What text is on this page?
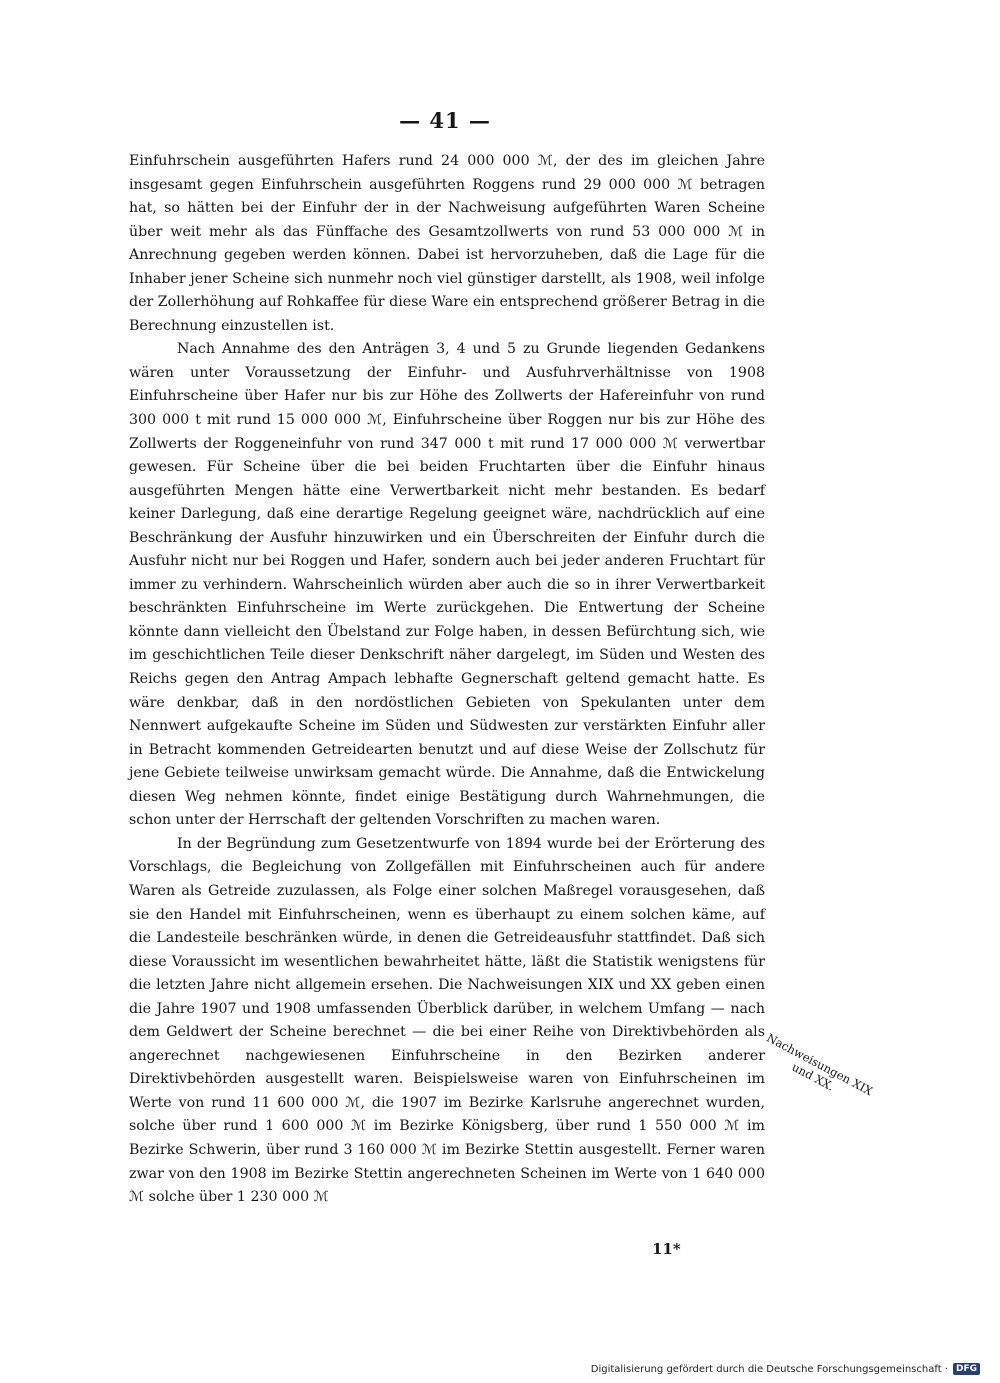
— 41 —

Einfuhrschein ausgeführten Hafers rund 24 000 000 ℳ, der des im gleichen Jahre insgesamt gegen Einfuhrschein ausgeführten Roggens rund 29 000 000 ℳ betragen hat, so hätten bei der Einfuhr der in der Nachweisung aufgeführten Waren Scheine über weit mehr als das Fünffache des Gesamtzollwerts von rund 53 000 000 ℳ in Anrechnung gegeben werden können. Dabei ist hervorzuheben, daß die Lage für die Inhaber jener Scheine sich nunmehr noch viel günstiger darstellt, als 1908, weil infolge der Zollerhöhung auf Rohkaffee für diese Ware ein entsprechend größerer Betrag in die Berechnung einzustellen ist.

Nach Annahme des den Anträgen 3, 4 und 5 zu Grunde liegenden Gedankens wären unter Voraussetzung der Einfuhr- und Ausfuhrverhältnisse von 1908 Einfuhrscheine über Hafer nur bis zur Höhe des Zollwerts der Hafereinfuhr von rund 300 000 t mit rund 15 000 000 ℳ, Einfuhrscheine über Roggen nur bis zur Höhe des Zollwerts der Roggeneinfuhr von rund 347 000 t mit rund 17 000 000 ℳ verwertbar gewesen. Für Scheine über die bei beiden Fruchtarten über die Einfuhr hinaus ausgeführten Mengen hätte eine Verwertbarkeit nicht mehr bestanden. Es bedarf keiner Darlegung, daß eine derartige Regelung geeignet wäre, nachdrücklich auf eine Beschränkung der Ausfuhr hinzuwirken und ein Überschreiten der Einfuhr durch die Ausfuhr nicht nur bei Roggen und Hafer, sondern auch bei jeder anderen Fruchtart für immer zu verhindern. Wahrscheinlich würden aber auch die so in ihrer Verwertbarkeit beschränkten Einfuhrscheine im Werte zurückgehen. Die Entwertung der Scheine könnte dann vielleicht den Übelstand zur Folge haben, in dessen Befürchtung sich, wie im geschichtlichen Teile dieser Denkschrift näher dargelegt, im Süden und Westen des Reichs gegen den Antrag Ampach lebhafte Gegnerschaft geltend gemacht hatte. Es wäre denkbar, daß in den nordöstlichen Gebieten von Spekulanten unter dem Nennwert aufgekaufte Scheine im Süden und Südwesten zur verstärkten Einfuhr aller in Betracht kommenden Getreidearten benutzt und auf diese Weise der Zollschutz für jene Gebiete teilweise unwirksam gemacht würde. Die Annahme, daß die Entwickelung diesen Weg nehmen könnte, findet einige Bestätigung durch Wahrnehmungen, die schon unter der Herrschaft der geltenden Vorschriften zu machen waren.

In der Begründung zum Gesetzentwurfe von 1894 wurde bei der Erörterung des Vorschlags, die Begleichung von Zollgefällen mit Einfuhrscheinen auch für andere Waren als Getreide zuzulassen, als Folge einer solchen Maßregel vorausgesehen, daß sie den Handel mit Einfuhrscheinen, wenn es überhaupt zu einem solchen käme, auf die Landesteile beschränken würde, in denen die Getreideausfuhr stattfindet. Daß sich diese Voraussicht im wesentlichen bewahrheitet hätte, läßt die Statistik wenigstens für die letzten Jahre nicht allgemein ersehen. Die Nachweisungen XIX und XX geben einen die Jahre 1907 und 1908 umfassenden Überblick darüber, in welchem Umfang — nach dem Geldwert der Scheine berechnet — die bei einer Reihe von Direktivbehörden als angerechnet nachgewiesenen Einfuhrscheine in den Bezirken anderer Direktivbehörden ausgestellt waren. Beispielsweise waren von Einfuhrscheinen im Werte von rund 11 600 000 ℳ, die 1907 im Bezirke Karlsruhe angerechnet wurden, solche über rund 1 600 000 ℳ im Bezirke Königsberg, über rund 1 550 000 ℳ im Bezirke Schwerin, über rund 3 160 000 ℳ im Bezirke Stettin ausgestellt. Ferner waren zwar von den 1908 im Bezirke Stettin angerechneten Scheinen im Werte von 1 640 000 ℳ solche über 1 230 000 ℳ

Nachweisungen XIX und XX.
11*
Digitalisierung gefördert durch die Deutsche Forschungsgemeinschaft · DFG
